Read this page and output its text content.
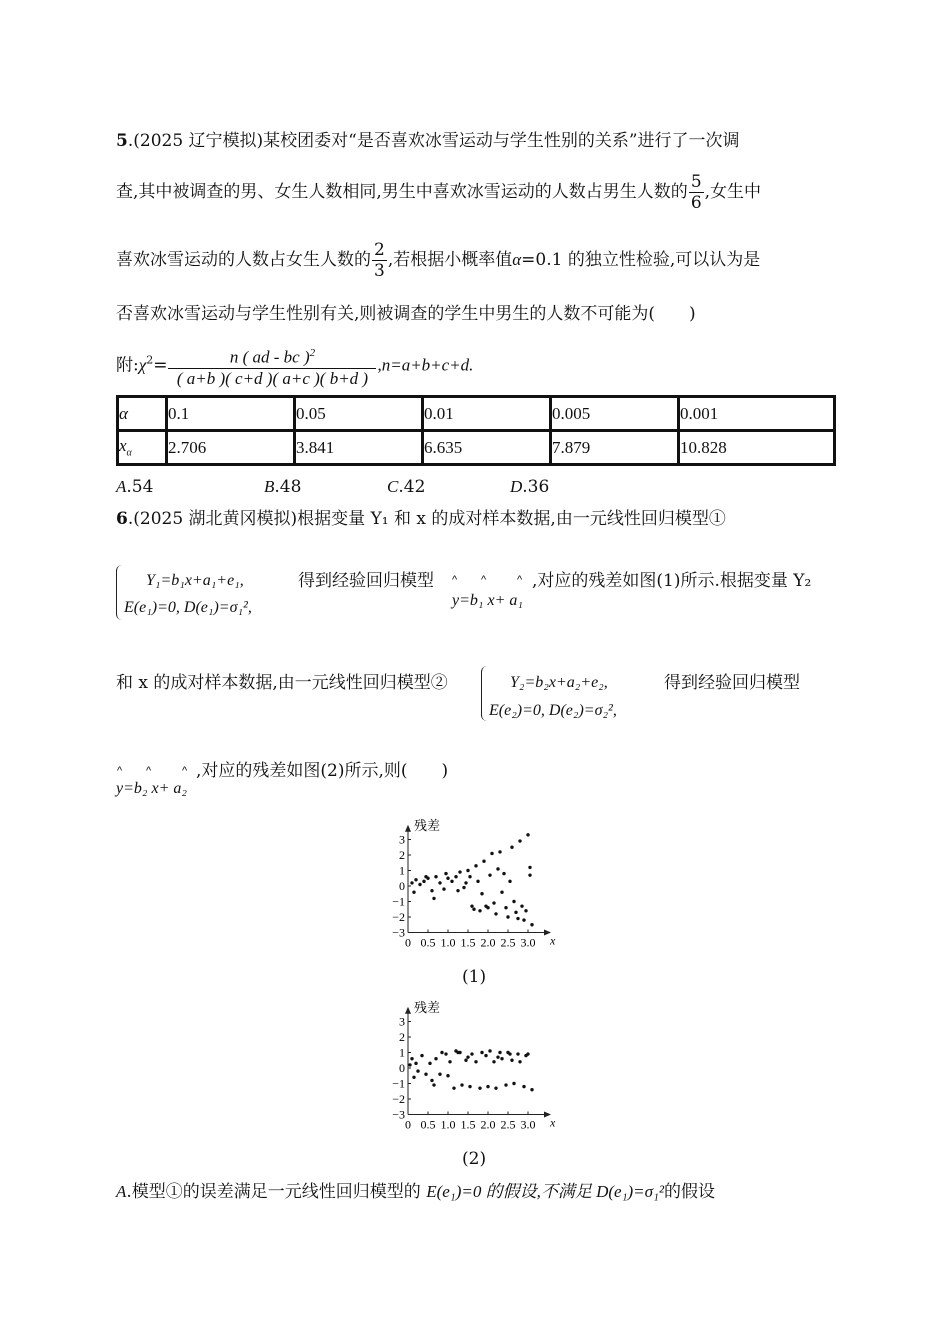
5.(2025 辽宁模拟)某校团委对“是否喜欢冰雪运动与学生性别的关系”进行了一次调
查,其中被调查的男、女生人数相同,男生中喜欢冰雪运动的人数占男生人数的 $\frac{5}{6}$ ,女生中
喜欢冰雪运动的人数占女生人数的 $\frac{2}{3}$ ,若根据小概率值α=0.1 的独立性检验,可以认为是
否喜欢冰雪运动与学生性别有关,则被调查的学生中男生的人数不可能为(　　)
附$:\chi^2= \frac{n ( ad - bc )^2}{( a+b )( c+d )( a+c )( b+d )} ,n=a+b+c+d$.
α	0.1	0.05	0.01	0.005	0.001
$x_\alpha$	2.706	3.841	6.635	7.879	10.828
A.54	B.48	C.42	D.36
6.(2025 湖北黄冈模拟)根据变量 Y₁ 和 x 的成对样本数据,由一元线性回归模型①
Y₁=b₁x+a₁+e₁,
E(e₁)=0, D(e₁)=σ₁²,
得到经验回归模型 ^ ^	^
y=b₁ x+ a₁
,对应的残差如图(1)所示.根据变量 Y₂
和 x 的成对样本数据,由一元线性回归模型②	Y₂=b₂x+a₂+e₂,
E(e₂)=0, D(e₂)=σ₂²,
得到经验回归模型
^ ^	^
y=b₂ x+ a₂
,对应的残差如图(2)所示,则(　　)
残差
3
2
1
0
−1
−2
−3
0 0.5 1.0 1.5 2.0 2.5 3.0 x
(1)
残差
3
2
1
0
−1
−2
−3
0 0.5 1.0 1.5 2.0 2.5 3.0 x
(2)
A.模型①的误差满足一元线性回归模型的 E(e₁)=0 的假设,不满足 D(e₁)=σ₁²的假设
